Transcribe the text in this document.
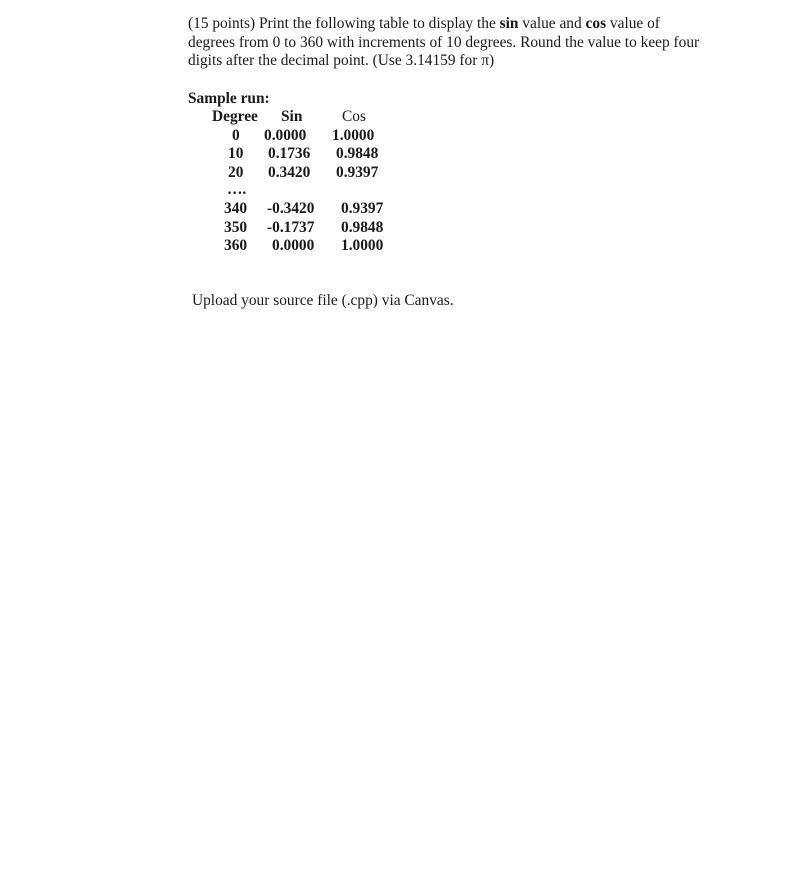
(15 points) Print the following table to display the sin value and cos value of degrees from 0 to 360 with increments of 10 degrees. Round the value to keep four digits after the decimal point. (Use 3.14159 for π)
Sample run:
Degree Sin	Cos
0 0.0000 1.0000
10 0.1736 0.9848
20 0.3420 0.9397
….
340 -0.3420 0.9397
350 -0.1737 0.9848
360 0.0000 1.0000
Upload your source file (.cpp) via Canvas.
